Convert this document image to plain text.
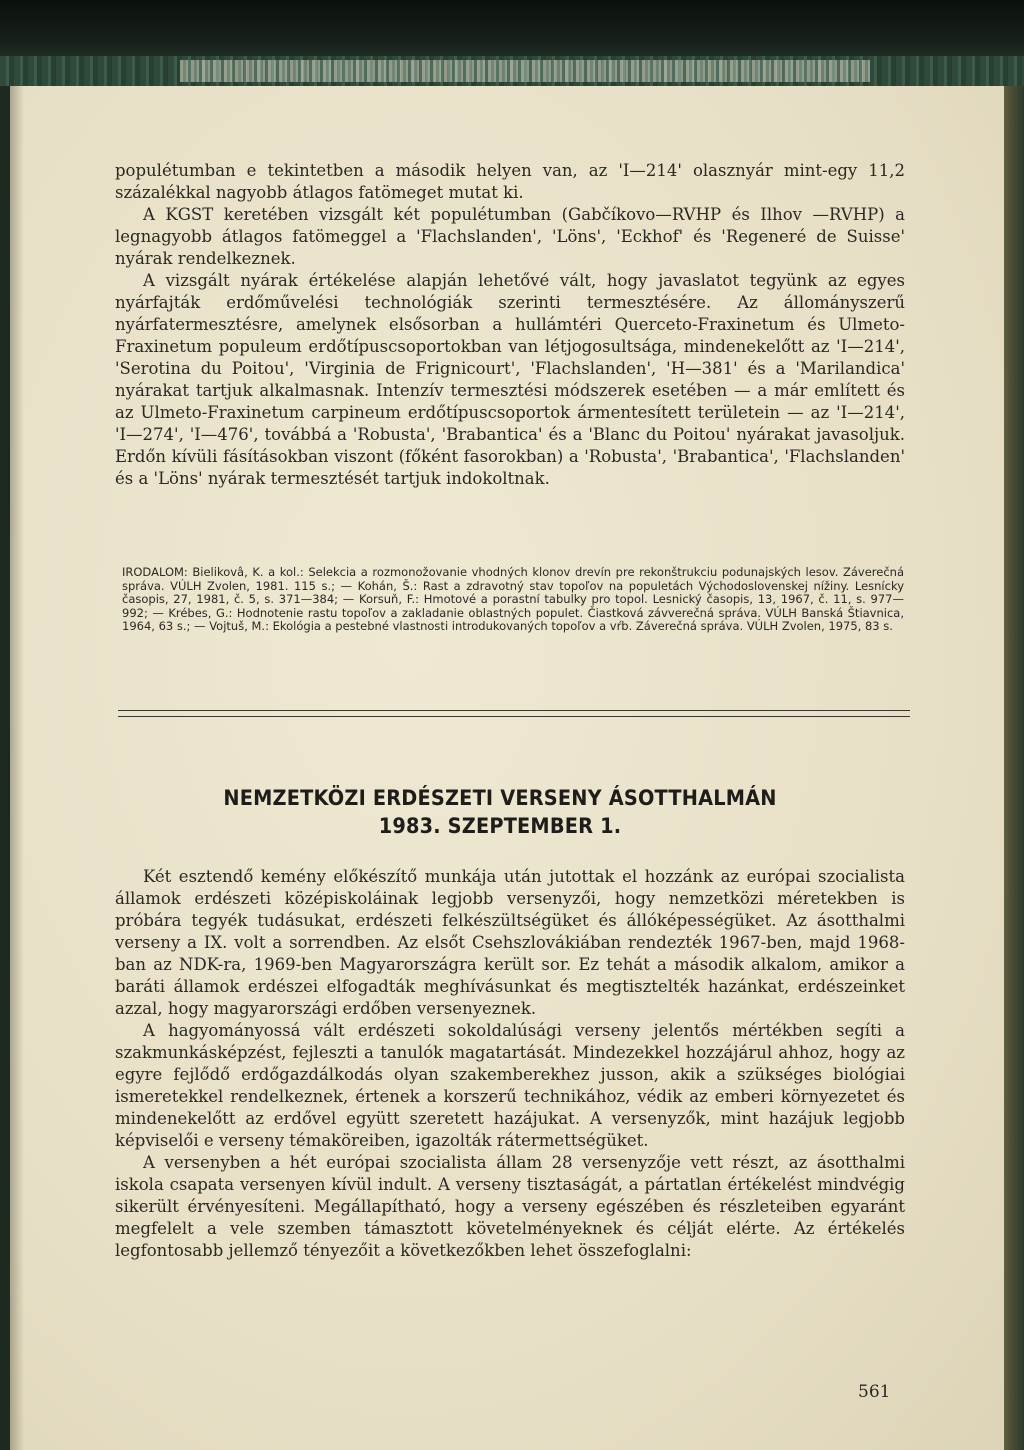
populétumban e tekintetben a második helyen van, az 'I—214' olasznyár mint-egy 11,2 százalékkal nagyobb átlagos fatömeget mutat ki.

A KGST keretében vizsgált két populétumban (Gabčíkovo—RVHP és Ilhov —RVHP) a legnagyobb átlagos fatömeggel a 'Flachslanden', 'Löns', 'Eckhof' és 'Regeneré de Suisse' nyárak rendelkeznek.

A vizsgált nyárak értékelése alapján lehetővé vált, hogy javaslatot tegyünk az egyes nyárfajták erdőművelési technológiák szerinti termesztésére. Az állományszerű nyárfatermesztésre, amelynek elsősorban a hullámtéri Querceto-Fraxinetum és Ulmeto-Fraxinetum populeum erdőtípuscsoportokban van létjogosultsága, mindenekelőtt az 'I—214', 'Serotina du Poitou', 'Virginia de Frignicourt', 'Flachslanden', 'H—381' és a 'Marilandica' nyárakat tartjuk alkalmasnak. Intenzív termesztési módszerek esetében — a már említett és az Ulmeto-Fraxinetum carpineum erdőtípuscsoportok ármentesített területein — az 'I—214', 'I—274', 'I—476', továbbá a 'Robusta', 'Brabantica' és a 'Blanc du Poitou' nyárakat javasoljuk. Erdőn kívüli fásításokban viszont (főként fasorokban) a 'Robusta', 'Brabantica', 'Flachslanden' és a 'Löns' nyárak termesztését tartjuk indokoltnak.

IRODALOM: Bielikovâ, K. a kol.: Selekcia a rozmonožovanie vhodných klonov drevín pre rekonštrukciu podunajských lesov. Záverečná správa. VÚLH Zvolen, 1981. 115 s.; — Kohán, Š.: Rast a zdravotný stav topoľov na populetách Východoslovenskej nížiny. Lesnícky časopis, 27, 1981, č. 5, s. 371—384; — Korsuň, F.: Hmotové a porastní tabulky pro topol. Lesnický časopis, 13, 1967, č. 11, s. 977—992; — Krébes, G.: Hodnotenie rastu topoľov a zakladanie oblastných populet. Čiastková závverečná správa. VÚLH Banská Štiavnica, 1964, 63 s.; — Vojtuš, M.: Ekológia a pestebné vlastnosti introdukovaných topoľov a vŕb. Záverečná správa. VÚLH Zvolen, 1975, 83 s.

NEMZETKÖZI ERDÉSZETI VERSENY ÁSOTTHALMÁN
1983. SZEPTEMBER 1.

Két esztendő kemény előkészítő munkája után jutottak el hozzánk az európai szocialista államok erdészeti középiskoláinak legjobb versenyzői, hogy nemzetközi méretekben is próbára tegyék tudásukat, erdészeti felkészültségüket és állóképességüket. Az ásotthalmi verseny a IX. volt a sorrendben. Az elsőt Csehszlovákiában rendezték 1967-ben, majd 1968-ban az NDK-ra, 1969-ben Magyarországra került sor. Ez tehát a második alkalom, amikor a baráti államok erdészei elfogadták meghívásunkat és megtisztelték hazánkat, erdészeinket azzal, hogy magyarországi erdőben versenyeznek.

A hagyományossá vált erdészeti sokoldalúsági verseny jelentős mértékben segíti a szakmunkásképzést, fejleszti a tanulók magatartását. Mindezekkel hozzájárul ahhoz, hogy az egyre fejlődő erdőgazdálkodás olyan szakemberekhez jusson, akik a szükséges biológiai ismeretekkel rendelkeznek, értenek a korszerű technikához, védik az emberi környezetet és mindenekelőtt az erdővel együtt szeretett hazájukat. A versenyzők, mint hazájuk legjobb képviselői e verseny témaköreiben, igazolták rátermettségüket.

A versenyben a hét európai szocialista állam 28 versenyzője vett részt, az ásotthalmi iskola csapata versenyen kívül indult. A verseny tisztaságát, a pártatlan értékelést mindvégig sikerült érvényesíteni. Megállapítható, hogy a verseny egészében és részleteiben egyaránt megfelelt a vele szemben támasztott követelményeknek és célját elérte. Az értékelés legfontosabb jellemző tényezőit a következőkben lehet összefoglalni:

561
